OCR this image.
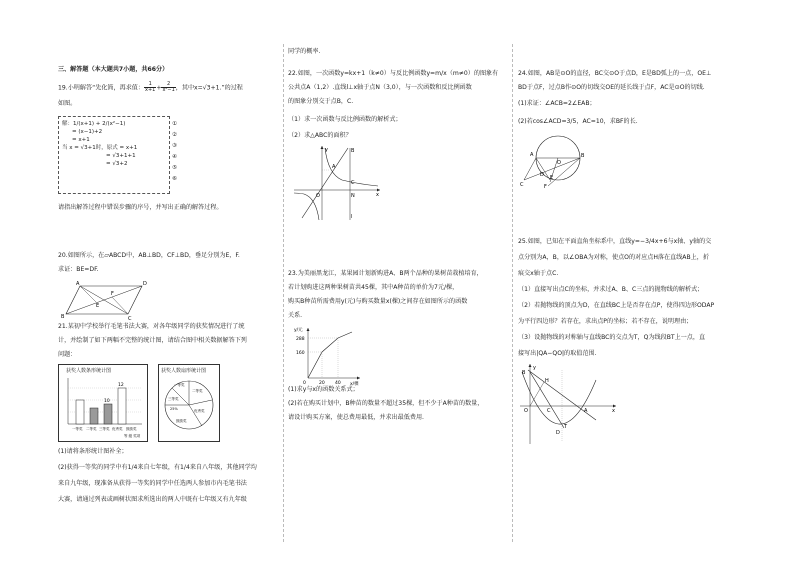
三、解答题（本大题共7小题，共66分）

19.小明解答“先化简，再求值： $\frac{1}{x+1} + \frac{2}{\text{x²−1}}$ ，其中x=√3+1.”的过程

如图。

解：1/(x+1) + 2/(x²−1)
= (x−1)+2
= x+1
当 x = √3+1时，原式 = x+1
= √3+1+1
= √3+2
①
②
③
④
⑤
⑥

请指出解答过程中错误步骤的序号，并写出正确的解答过程。

20.如图所示，在▱ABCD中，AB⊥BD，CF⊥BD，垂足分别为E，F.

求证：BE=DF.

A	D
B	C
E
F

21.某初中学校举行毛笔书法大赛，对各年级同学的获奖情况进行了统

计，并绘制了如下两幅不完整的统计图，请结合图中相关数据解答下列

问题：

获奖人数条形统计图
10
12
一等奖 二等奖 三等奖 优秀奖 鼓励奖
等 级 奖项
获奖人数扇形统计图
一等奖
二等奖
三等奖
25%	优秀奖
鼓励奖

(1)请将条形统计图补全；

(2)获得一等奖的同学中有1/4来自七年级，有1/4来自八年级，其他同学均

来自九年级，现准备从获得一等奖的同学中任选两人参加市内毛笔书法

大赛，请通过列表或画树状图求所选出的两人中既有七年级又有九年级

同学的概率.

22.如图，一次函数y=kx+1（k≠0）与反比例函数y=m/x（m≠0）的图象有

公共点A（1,2）.直线l⊥x轴于点N（3,0），与一次函数和反比例函数

的图象分别交于点B，C.

（1）求一次函数与反比例函数的解析式；

（2）求△ABC的面积？

y
x
O
A
B
C
N
l

23.为美丽黑龙江，某果园计划新购进A、B两个品种的果树苗栽植培育，

若计划购进这两种果树苗共45棵，其中A种苗的单价为7元/棵，

购买B种苗所需费用y(元)与购买数量x(棵)之间存在如图所示的函数

关系.

y/元
x/棵
288
160
0	20 40

(1)求y与x的函数关系式；

(2)若在购买计划中，B种苗的数量不超过35棵，但不少于A种苗的数量，

请设计购买方案，使总费用最低，并求出最低费用.

24.如图，AB是⊙O的直径，BC交⊙O于点D，E是BD弧上的一点，OE⊥

BD于点F，过点B作⊙O的切线交OE的延长线于点F，AC是⊙O的切线.

(1)求证：∠ACB=2∠EAB；

(2)若cos∠ACD=3/5，AC=10，求BF的长.

A	B
C
D E
F
O

25.如图，已知在平面直角坐标系中，直线y=−3/4x+6与x轴、y轴的交

点分别为A，B，以∠OBA为对称，使点O的对应点H落在直线AB上，折

痕交x轴于点C.

（1）直接写出点C的坐标，并求过A、B、C三点的抛物线的解析式；

（2）若抛物线的顶点为D，在直线BC上是否存在点P，使得四边形ODAP

为平行四边形？若存在，求出点P的坐标；若不存在，说明理由；

（3）设抛物线的对称轴与直线BC的交点为T，Q为线段BT上一点，直

接写出|QA−QO|的取值范围.

y
x
O
B
H
C	A
D
T
